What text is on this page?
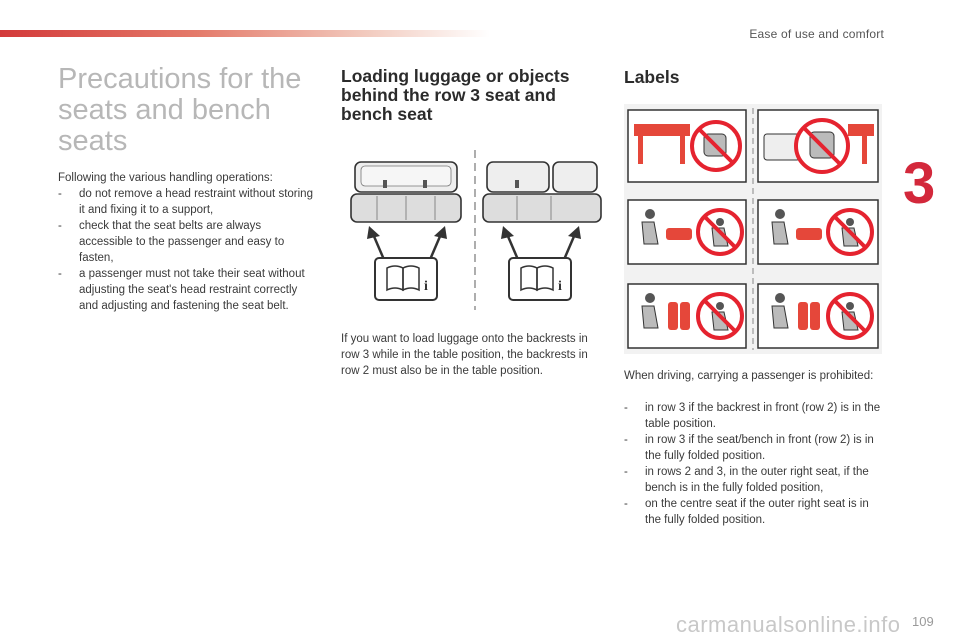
Ease of use and comfort
3
Precautions for the seats and bench seats
Following the various handling operations:
- do not remove a head restraint without storing it and fixing it to a support,
- check that the seat belts are always accessible to the passenger and easy to fasten,
- a passenger must not take their seat without adjusting the seat's head restraint correctly and adjusting and fastening the seat belt.
Loading luggage or objects behind the row 3 seat and bench seat
i	i
If you want to load luggage onto the backrests in row 3 while in the table position, the backrests in row 2 must also be in the table position.
Labels
When driving, carrying a passenger is prohibited:
- in row 3 if the backrest in front (row 2) is in the table position.
- in row 3 if the seat/bench in front (row 2) is in the fully folded position.
- in rows 2 and 3, in the outer right seat, if the bench is in the fully folded position,
- on the centre seat if the outer right seat is in the fully folded position.
carmanualsonline.info 109
